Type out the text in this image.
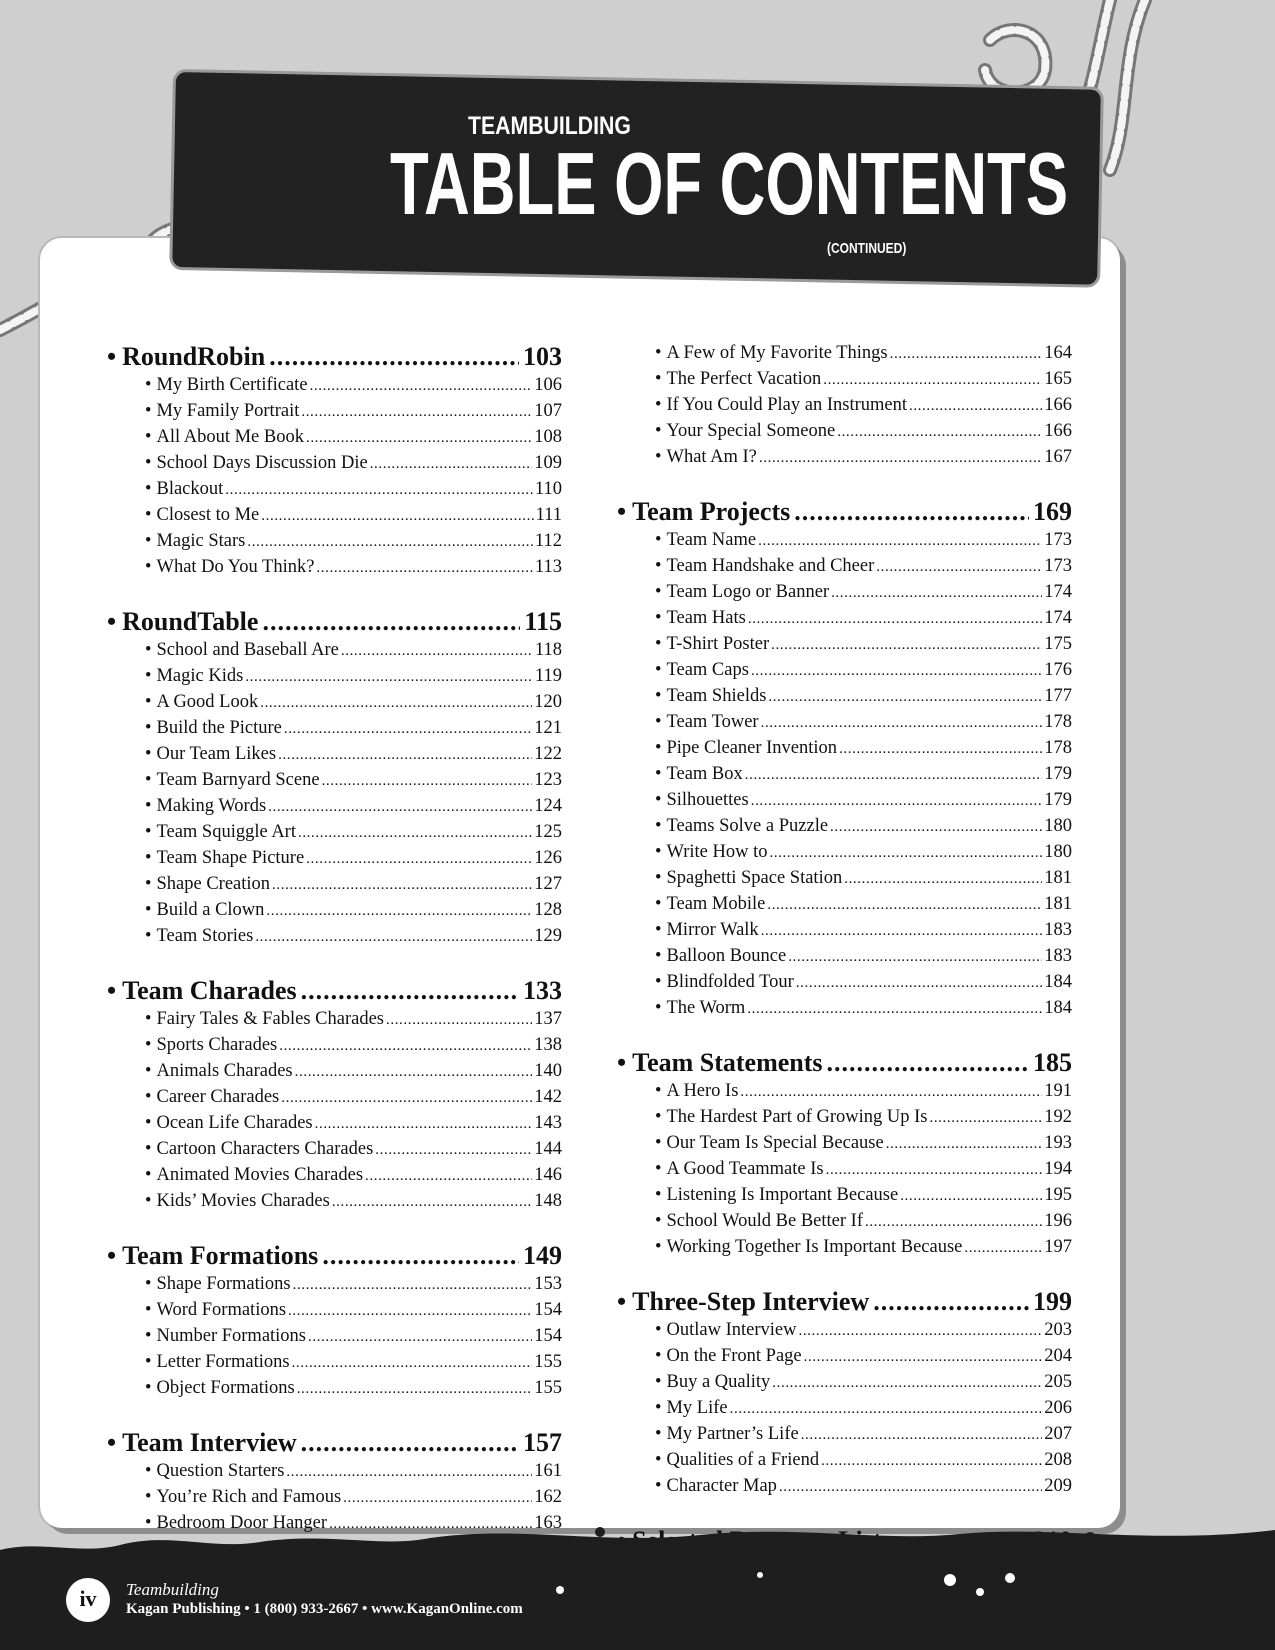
TEAMBUILDING
TABLE OF CONTENTS
(CONTINUED)
• RoundRobin .....	103
• My Birth Certificate .....	106
• My Family Portrait .....	107
• All About Me Book .....	108
• School Days Discussion Die .....	109
• Blackout .....	110
• Closest to Me .....	111
• Magic Stars .....	112
• What Do You Think? .....	113
• RoundTable .....	115
• School and Baseball Are .....	118
• Magic Kids .....	119
• A Good Look .....	120
• Build the Picture .....	121
• Our Team Likes .....	122
• Team Barnyard Scene .....	123
• Making Words .....	124
• Team Squiggle Art .....	125
• Team Shape Picture .....	126
• Shape Creation .....	127
• Build a Clown .....	128
• Team Stories .....	129
• Team Charades .....	133
• Fairy Tales & Fables Charades .....	137
• Sports Charades .....	138
• Animals Charades .....	140
• Career Charades .....	142
• Ocean Life Charades .....	143
• Cartoon Characters Charades .....	144
• Animated Movies Charades .....	146
• Kids’ Movies Charades .....	148
• Team Formations .....	149
• Shape Formations .....	153
• Word Formations .....	154
• Number Formations .....	154
• Letter Formations .....	155
• Object Formations .....	155
• Team Interview .....	157
• Question Starters .....	161
• You’re Rich and Famous .....	162
• Bedroom Door Hanger .....	163
• A Few of My Favorite Things .....	164
• The Perfect Vacation .....	165
• If You Could Play an Instrument .....	166
• Your Special Someone .....	166
• What Am I? .....	167
• Team Projects .....	169
• Team Name .....	173
• Team Handshake and Cheer .....	173
• Team Logo or Banner .....	174
• Team Hats .....	174
• T-Shirt Poster .....	175
• Team Caps .....	176
• Team Shields .....	177
• Team Tower .....	178
• Pipe Cleaner Invention .....	178
• Team Box .....	179
• Silhouettes .....	179
• Teams Solve a Puzzle .....	180
• Write How to .....	180
• Spaghetti Space Station .....	181
• Team Mobile .....	181
• Mirror Walk .....	183
• Balloon Bounce .....	183
• Blindfolded Tour .....	184
• The Worm .....	184
• Team Statements .....	185
• A Hero Is .....	191
• The Hardest Part of Growing Up Is .....	192
• Our Team Is Special Because .....	193
• A Good Teammate Is .....	194
• Listening Is Important Because .....	195
• School Would Be Better If .....	196
• Working Together Is Important Because .....	197
• Three-Step Interview .....	199
• Outlaw Interview .....	203
• On the Front Page .....	204
• Buy a Quality .....	205
• My Life .....	206
• My Partner’s Life .....	207
• Qualities of a Friend .....	208
• Character Map .....	209
.....
iv	Teambuilding
Kagan Publishing • 1 (800) 933-2667 • www.KaganOnline.com
